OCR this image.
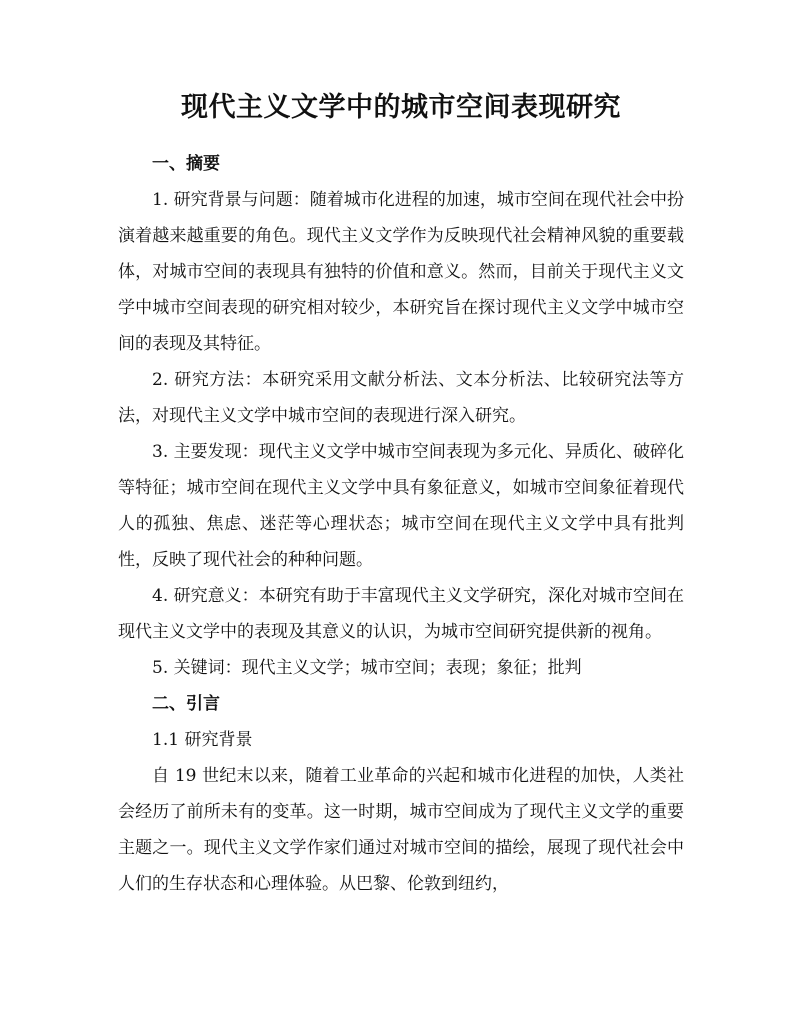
现代主义文学中的城市空间表现研究

一、摘要

1. 研究背景与问题：随着城市化进程的加速，城市空间在现代社会中扮演着越来越重要的角色。现代主义文学作为反映现代社会精神风貌的重要载体，对城市空间的表现具有独特的价值和意义。然而，目前关于现代主义文学中城市空间表现的研究相对较少，本研究旨在探讨现代主义文学中城市空间的表现及其特征。

2. 研究方法：本研究采用文献分析法、文本分析法、比较研究法等方法，对现代主义文学中城市空间的表现进行深入研究。

3. 主要发现：现代主义文学中城市空间表现为多元化、异质化、破碎化等特征；城市空间在现代主义文学中具有象征意义，如城市空间象征着现代人的孤独、焦虑、迷茫等心理状态；城市空间在现代主义文学中具有批判性，反映了现代社会的种种问题。

4. 研究意义：本研究有助于丰富现代主义文学研究，深化对城市空间在现代主义文学中的表现及其意义的认识，为城市空间研究提供新的视角。

5. 关键词：现代主义文学；城市空间；表现；象征；批判

二、引言

1.1 研究背景

自 19 世纪末以来，随着工业革命的兴起和城市化进程的加快，人类社会经历了前所未有的变革。这一时期，城市空间成为了现代主义文学的重要主题之一。现代主义文学作家们通过对城市空间的描绘，展现了现代社会中人们的生存状态和心理体验。从巴黎、伦敦到纽约，
